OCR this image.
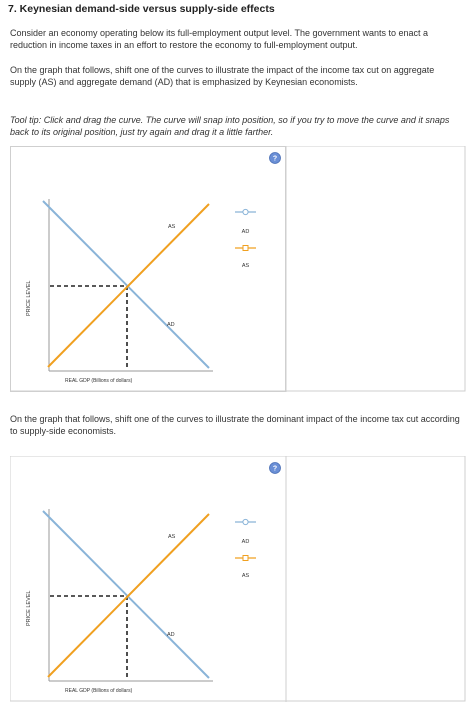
7. Keynesian demand-side versus supply-side effects

Consider an economy operating below its full-employment output level. The government wants to enact a reduction in income taxes in an effort to restore the economy to full-employment output.

On the graph that follows, shift one of the curves to illustrate the impact of the income tax cut on aggregate supply (AS) and aggregate demand (AD) that is emphasized by Keynesian economists.

Tool tip: Click and drag the curve. The curve will snap into position, so if you try to move the curve and it snaps back to its original position, just try again and drag it a little farther.

AS
AD
PRICE LEVEL
REAL GDP (Billions of dollars)
?
AD
AS

On the graph that follows, shift one of the curves to illustrate the dominant impact of the income tax cut according to supply-side economists.

AS
AD
PRICE LEVEL
REAL GDP (Billions of dollars)
?
AD
AS
